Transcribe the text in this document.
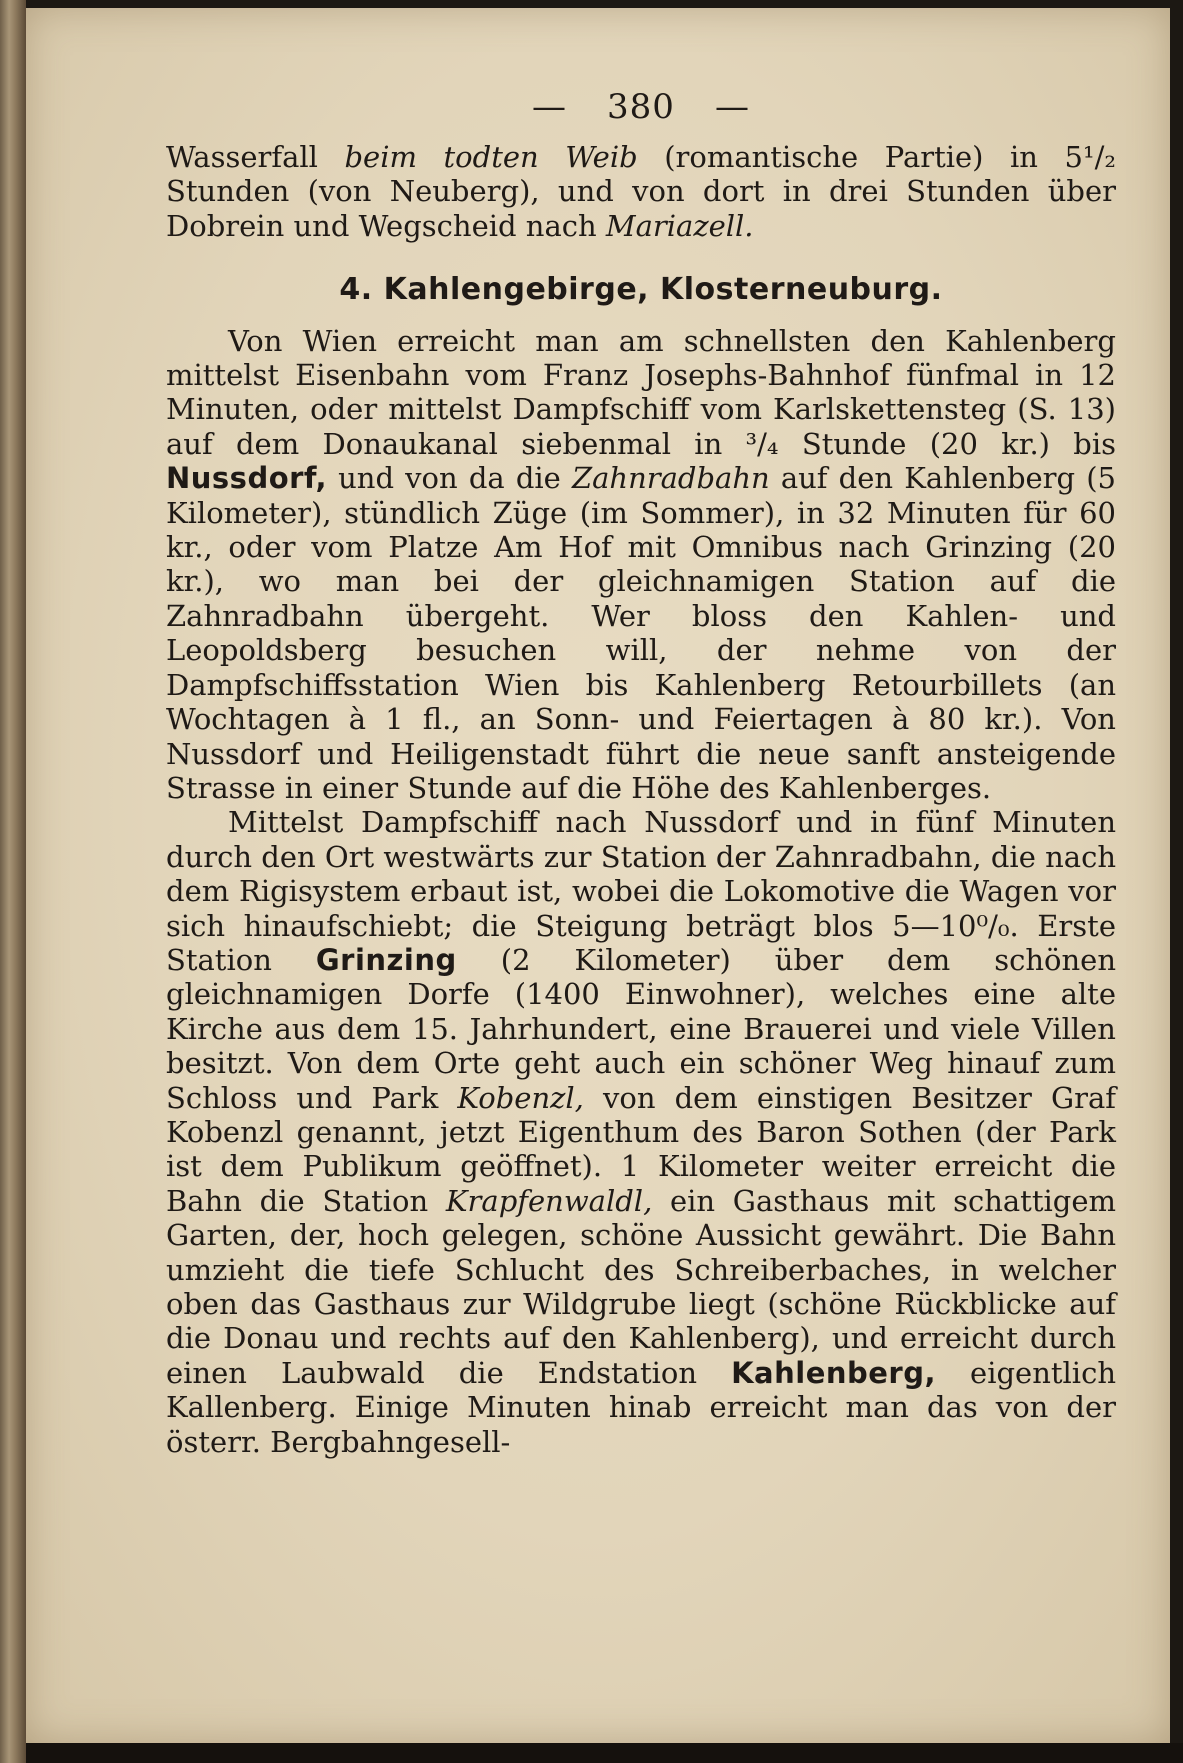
— 380 —

Wasserfall beim todten Weib (romantische Partie) in 5¹/₂ Stunden (von Neuberg), und von dort in drei Stunden über Dobrein und Wegscheid nach Mariazell.

4. Kahlengebirge, Klosterneuburg.

Von Wien erreicht man am schnellsten den Kahlenberg mittelst Eisenbahn vom Franz Josephs-Bahnhof fünfmal in 12 Minuten, oder mittelst Dampfschiff vom Karlskettensteg (S. 13) auf dem Donaukanal siebenmal in ³/₄ Stunde (20 kr.) bis Nussdorf, und von da die Zahnradbahn auf den Kahlenberg (5 Kilometer), stündlich Züge (im Sommer), in 32 Minuten für 60 kr., oder vom Platze Am Hof mit Omnibus nach Grinzing (20 kr.), wo man bei der gleichnamigen Station auf die Zahnradbahn übergeht. Wer bloss den Kahlen- und Leopoldsberg besuchen will, der nehme von der Dampfschiffsstation Wien bis Kahlenberg Retourbillets (an Wochtagen à 1 fl., an Sonn- und Feiertagen à 80 kr.). Von Nussdorf und Heiligenstadt führt die neue sanft ansteigende Strasse in einer Stunde auf die Höhe des Kahlenberges.

Mittelst Dampfschiff nach Nussdorf und in fünf Minuten durch den Ort westwärts zur Station der Zahnradbahn, die nach dem Rigisystem erbaut ist, wobei die Lokomotive die Wagen vor sich hinaufschiebt; die Steigung beträgt blos 5—10⁰/₀. Erste Station Grinzing (2 Kilometer) über dem schönen gleichnamigen Dorfe (1400 Einwohner), welches eine alte Kirche aus dem 15. Jahrhundert, eine Brauerei und viele Villen besitzt. Von dem Orte geht auch ein schöner Weg hinauf zum Schloss und Park Kobenzl, von dem einstigen Besitzer Graf Kobenzl genannt, jetzt Eigenthum des Baron Sothen (der Park ist dem Publikum geöffnet). 1 Kilometer weiter erreicht die Bahn die Station Krapfenwaldl, ein Gasthaus mit schattigem Garten, der, hoch gelegen, schöne Aussicht gewährt. Die Bahn umzieht die tiefe Schlucht des Schreiberbaches, in welcher oben das Gasthaus zur Wildgrube liegt (schöne Rückblicke auf die Donau und rechts auf den Kahlenberg), und erreicht durch einen Laubwald die Endstation Kahlenberg, eigentlich Kallenberg. Einige Minuten hinab erreicht man das von der österr. Bergbahngesell-
